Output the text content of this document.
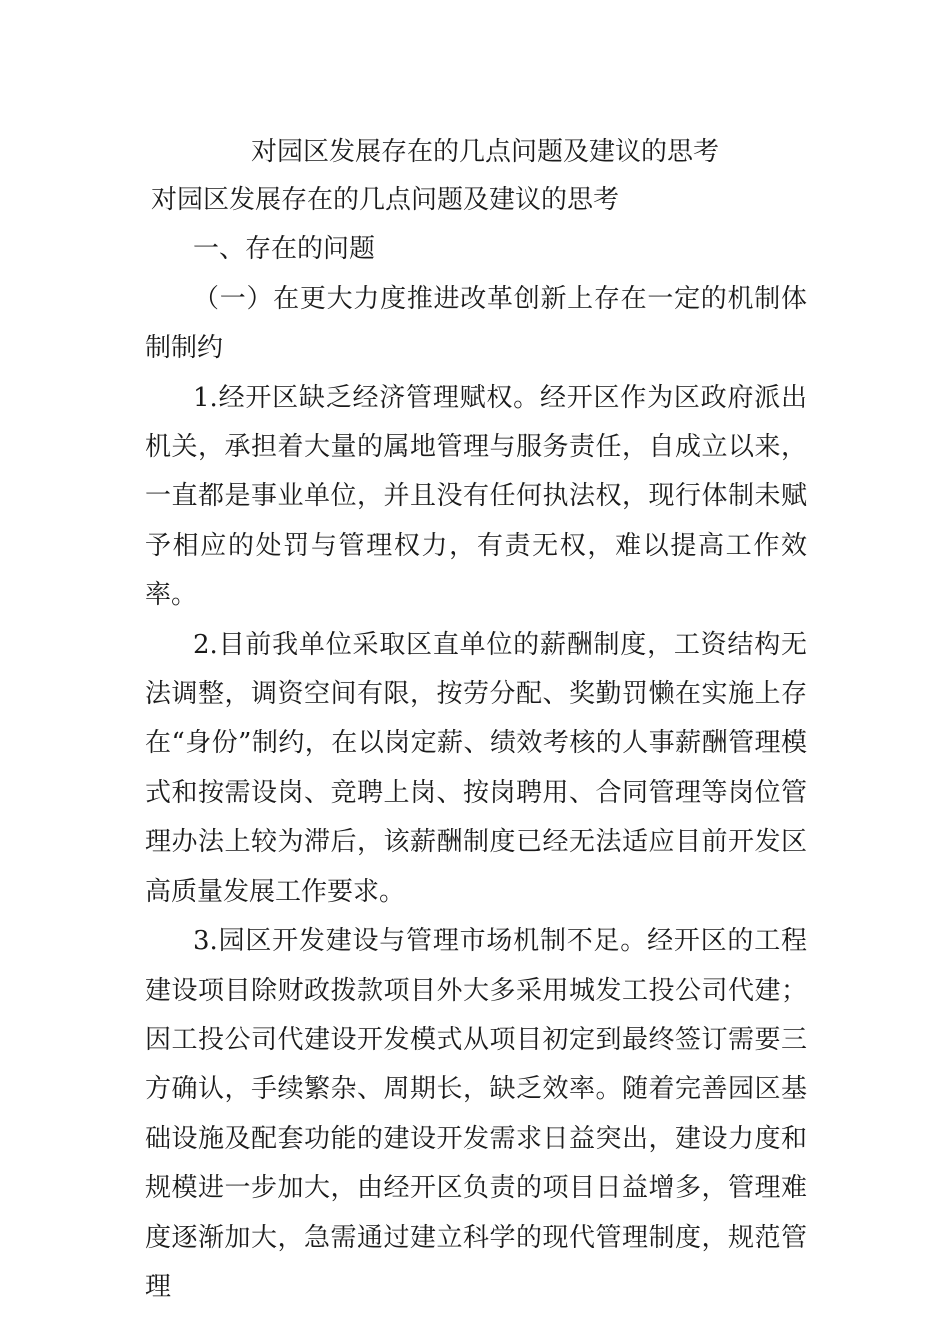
对园区发展存在的几点问题及建议的思考

对园区发展存在的几点问题及建议的思考

一、存在的问题

（一）在更大力度推进改革创新上存在一定的机制体制制约

1.经开区缺乏经济管理赋权。经开区作为区政府派出机关，承担着大量的属地管理与服务责任，自成立以来，一直都是事业单位，并且没有任何执法权，现行体制未赋予相应的处罚与管理权力，有责无权，难以提高工作效率。

2.目前我单位采取区直单位的薪酬制度，工资结构无法调整，调资空间有限，按劳分配、奖勤罚懒在实施上存在“身份”制约，在以岗定薪、绩效考核的人事薪酬管理模式和按需设岗、竞聘上岗、按岗聘用、合同管理等岗位管理办法上较为滞后，该薪酬制度已经无法适应目前开发区高质量发展工作要求。

3.园区开发建设与管理市场机制不足。经开区的工程建设项目除财政拨款项目外大多采用城发工投公司代建；因工投公司代建设开发模式从项目初定到最终签订需要三方确认，手续繁杂、周期长，缺乏效率。随着完善园区基础设施及配套功能的建设开发需求日益突出，建设力度和规模进一步加大，由经开区负责的项目日益增多，管理难度逐渐加大，急需通过建立科学的现代管理制度，规范管理
